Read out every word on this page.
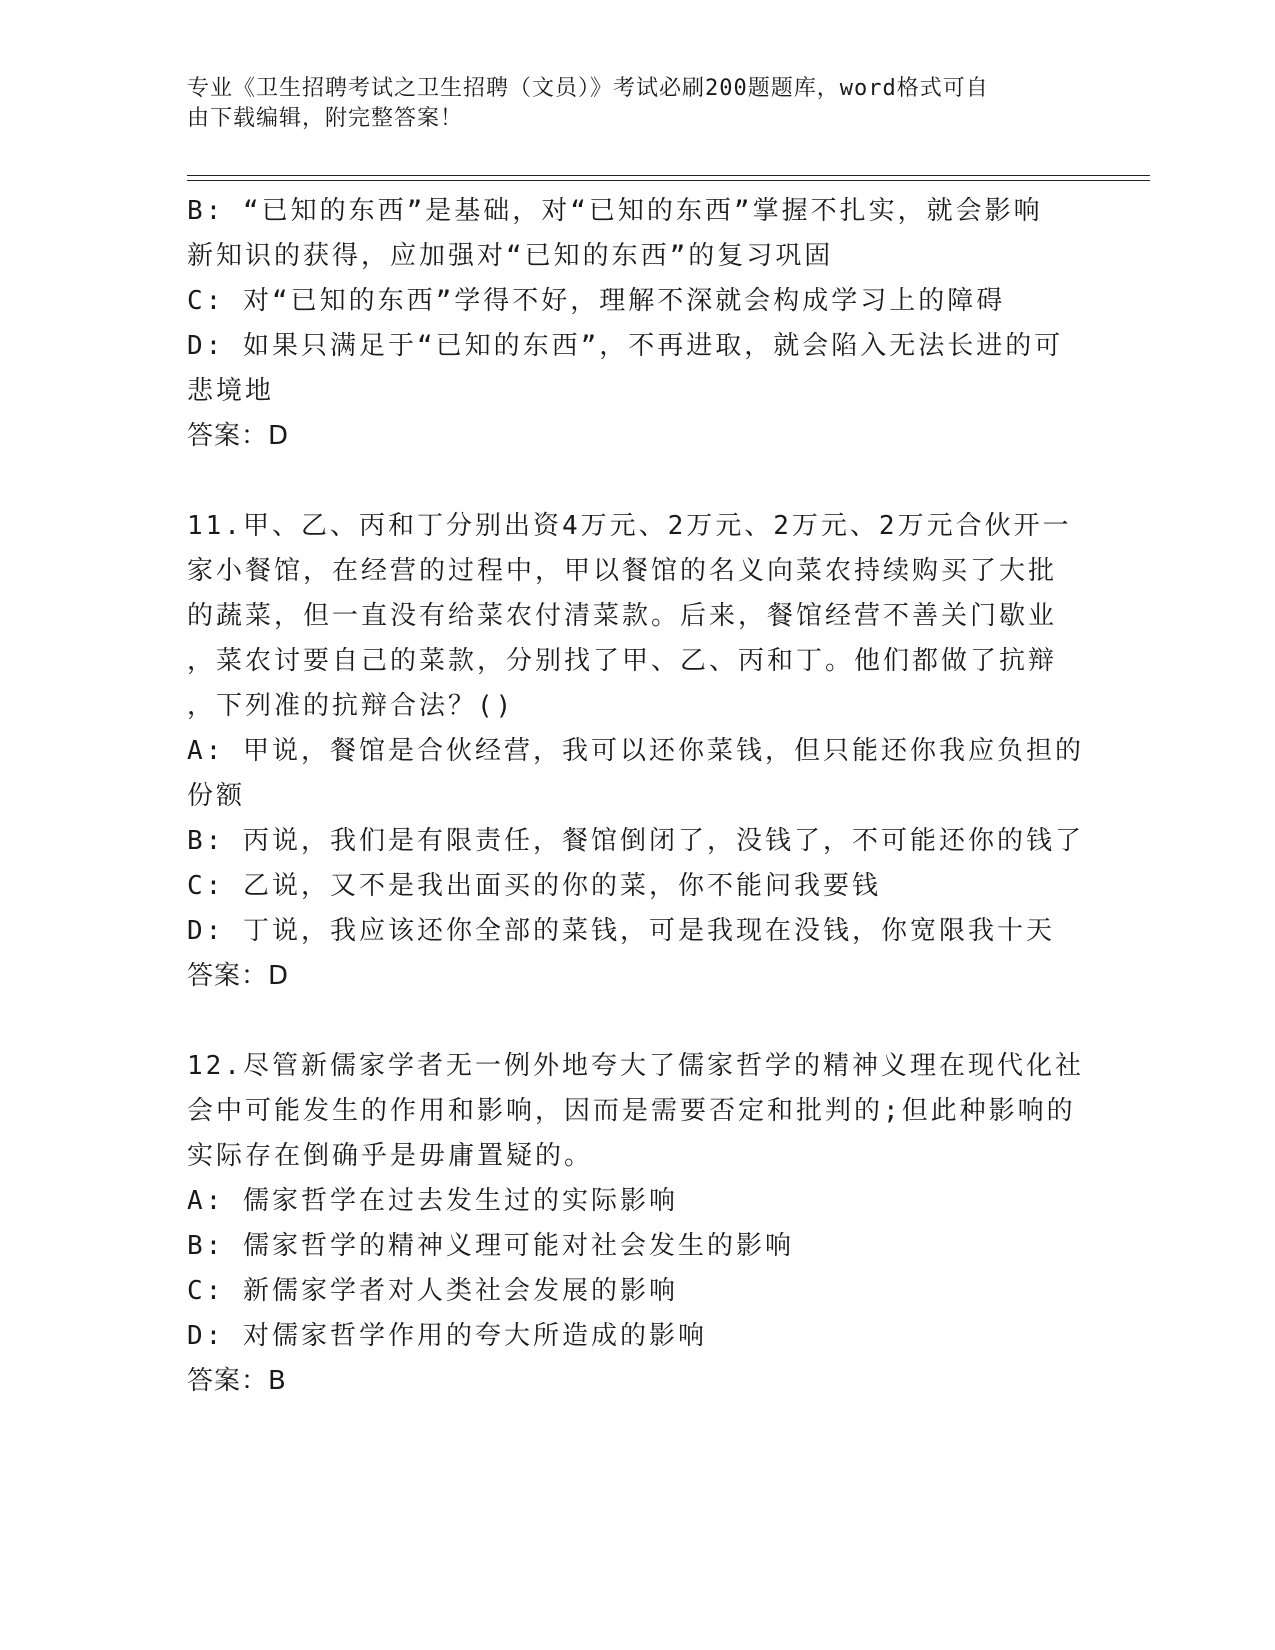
专业《卫生招聘考试之卫生招聘（文员）》考试必刷200题题库，word格式可自
由下载编辑，附完整答案！
B: “已知的东西”是基础，对“已知的东西”掌握不扎实，就会影响
新知识的获得，应加强对“已知的东西”的复习巩固
C: 对“已知的东西”学得不好，理解不深就会构成学习上的障碍
D: 如果只满足于“已知的东西”，不再进取，就会陷入无法长进的可
悲境地
答案：D
11.甲、乙、丙和丁分别出资4万元、2万元、2万元、2万元合伙开一
家小餐馆，在经营的过程中，甲以餐馆的名义向菜农持续购买了大批
的蔬菜，但一直没有给菜农付清菜款。后来，餐馆经营不善关门歇业
，菜农讨要自己的菜款，分别找了甲、乙、丙和丁。他们都做了抗辩
，下列准的抗辩合法？()
A: 甲说，餐馆是合伙经营，我可以还你菜钱，但只能还你我应负担的
份额
B: 丙说，我们是有限责任，餐馆倒闭了，没钱了，不可能还你的钱了
C: 乙说，又不是我出面买的你的菜，你不能问我要钱
D: 丁说，我应该还你全部的菜钱，可是我现在没钱，你宽限我十天
答案：D
12.尽管新儒家学者无一例外地夸大了儒家哲学的精神义理在现代化社
会中可能发生的作用和影响，因而是需要否定和批判的;但此种影响的
实际存在倒确乎是毋庸置疑的。
A: 儒家哲学在过去发生过的实际影响
B: 儒家哲学的精神义理可能对社会发生的影响
C: 新儒家学者对人类社会发展的影响
D: 对儒家哲学作用的夸大所造成的影响
答案：B
